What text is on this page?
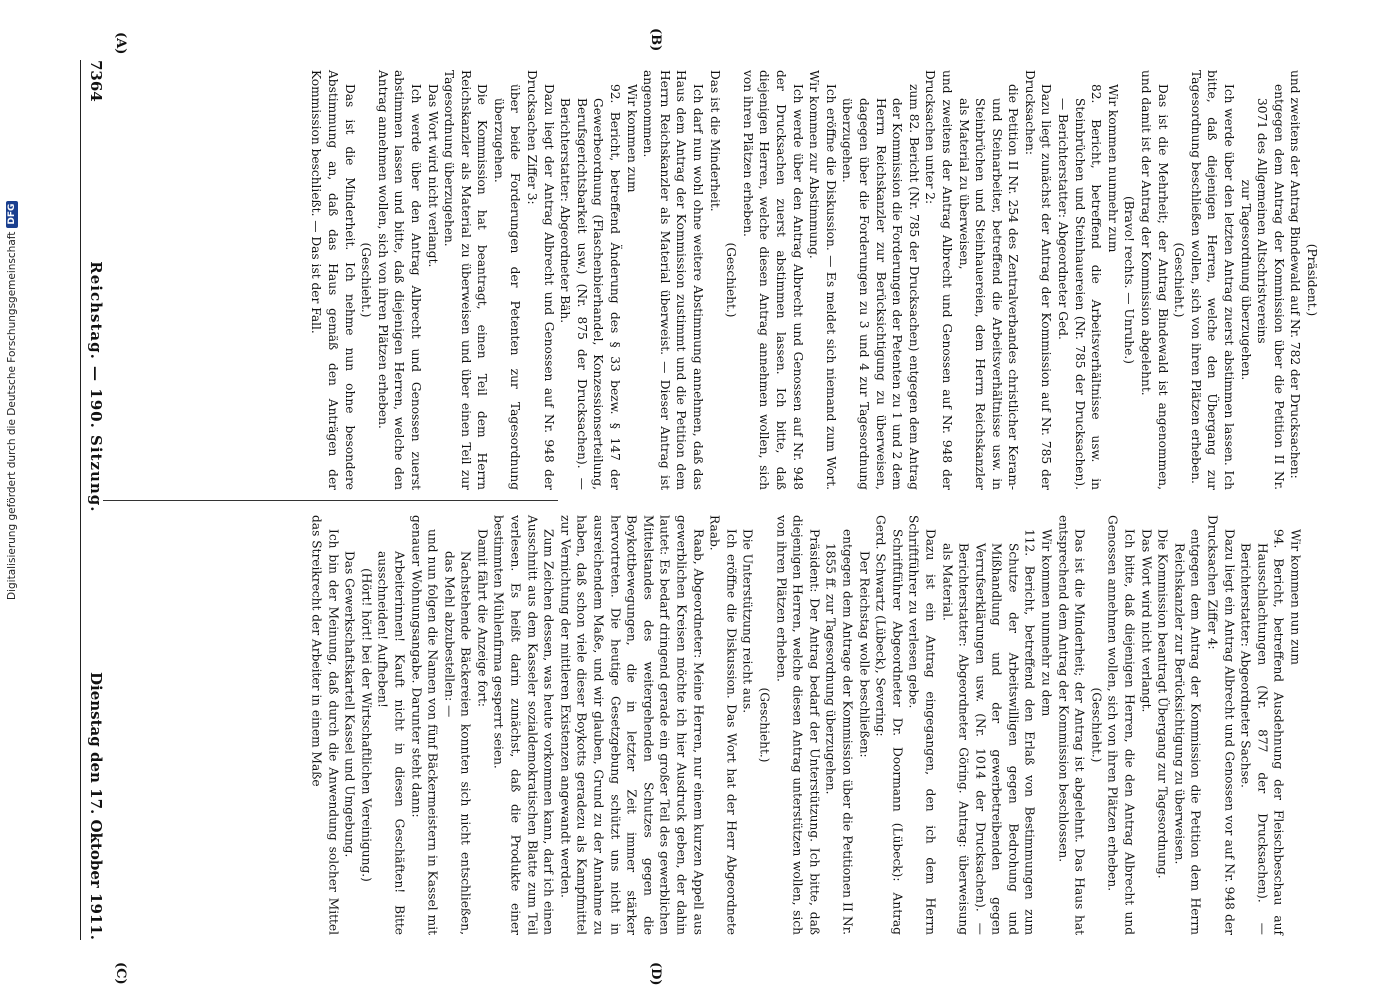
7364
Reichstag. — 190. Sitzung.
Dienstag den 17. Oktober 1911.
(A)	(B)
(C)	(D)

(Präsident.)

und zweitens der Antrag Bindewald auf Nr. 782 der Drucksachen:

entgegen dem Antrag der Kommission über die Petition II Nr. 3071 des Allgemeinen Altschristvereins

zur Tagesordnung überzugehen.

Ich werde über den letzten Antrag zuerst abstimmen lassen. Ich bitte, daß diejenigen Herren, welche den Übergang zur Tagesordnung beschließen wollen, sich von ihren Plätzen erheben.

(Geschieht.)

Das ist die Mehrheit; der Antrag Bindewald ist angenommen, und damit ist der Antrag der Kommission abgelehnt.

(Bravo! rechts. — Unruhe.)

Wir kommen nunmehr zum

82. Bericht, betreffend die Arbeitsverhältnisse usw. in Steinbrüchen und Steinhauereien (Nr. 785 der Drucksachen). — Berichterstatter: Abgeordneter Ged.

Dazu liegt zunächst der Antrag der Kommission auf Nr. 785 der Drucksachen:

die Petition II Nr. 254 des Zentralverbandes christlicher Keram- und Steinarbeiter, betreffend die Arbeitsverhältnisse usw. in Steinbrüchen und Steinhauereien, dem Herrn Reichskanzler als Material zu überweisen,

und zweitens der Antrag Albrecht und Genossen auf Nr. 948 der Drucksachen unter 2:

zum 82. Bericht (Nr. 785 der Drucksachen) entgegen dem Antrag der Kommission die Forderungen der Petenten zu 1 und 2 dem Herrn Reichskanzler zur Berücksichtigung zu überweisen, dagegen über die Forderungen zu 3 und 4 zur Tagesordnung überzugehen.

Ich eröffne die Diskussion. — Es meldet sich niemand zum Wort. Wir kommen zur Abstimmung.

Ich werde über den Antrag Albrecht und Genossen auf Nr. 948 der Drucksachen zuerst abstimmen lassen. Ich bitte, daß diejenigen Herren, welche diesen Antrag annehmen wollen, sich von ihren Plätzen erheben.

(Geschieht.)

Das ist die Minderheit.

Ich darf nun wohl ohne weitere Abstimmung annehmen, daß das Haus dem Antrag der Kommission zustimmt und die Petition dem Herrn Reichskanzler als Material überweist. — Dieser Antrag ist angenommen.

Wir kommen zum

92. Bericht, betreffend Änderung des § 33 bezw. § 147 der Gewerbeordnung (Flaschenbierhandel, Konzessionserteilung, Berufsgerichtsbarkeit usw.) (Nr. 875 der Drucksachen). — Berichterstatter: Abgeordneter Bäh.

Dazu liegt der Antrag Albrecht und Genossen auf Nr. 948 der Drucksachen Ziffer 3:

über beide Forderungen der Petenten zur Tagesordnung überzugehen.

Die Kommission hat beantragt, einen Teil dem Herrn Reichskanzler als Material zu überweisen und über einen Teil zur Tagesordnung überzugehen.

Das Wort wird nicht verlangt.

Ich werde über den Antrag Albrecht und Genossen zuerst abstimmen lassen und bitte, daß diejenigen Herren, welche den Antrag annehmen wollen, sich von ihren Plätzen erheben.

(Geschieht.)

Das ist die Minderheit. Ich nehme nun ohne besondere Abstimmung an, daß das Haus gemäß den Anträgen der Kommission beschließt. — Das ist der Fall.

Wir kommen nun zum

94. Bericht, betreffend Ausdehnung der Fleischbeschau auf Hausschlachtungen (Nr. 877 der Drucksachen). — Berichterstatter: Abgeordneter Sachse.

Dazu liegt ein Antrag Albrecht und Genossen vor auf Nr. 948 der Drucksachen Ziffer 4:

entgegen dem Antrag der Kommission die Petition dem Herrn Reichskanzler zur Berücksichtigung zu überweisen.

Die Kommission beantragt Übergang zur Tagesordnung.

Das Wort wird nicht verlangt.

Ich bitte, daß diejenigen Herren, die den Antrag Albrecht und Genossen annehmen wollen, sich von ihren Plätzen erheben.

(Geschieht.)

Das ist die Minderheit; der Antrag ist abgelehnt. Das Haus hat entsprechend dem Antrag der Kommission beschlossen.

Wir kommen nunmehr zu dem

112. Bericht, betreffend den Erlaß von Bestimmungen zum Schutze der Arbeitswilligen gegen Bedrohung und Mißhandlung und der gewerbetreibenden gegen Verrufserklärungen usw. (Nr. 1014 der Drucksachen). — Berichterstatter: Abgeordneter Göring. Antrag: überweisung als Material.

Dazu ist ein Antrag eingegangen, den ich dem Herrn Schriftführer zu verlesen gebe.

Schriftführer Abgeordneter Dr. Doormann (Lübeck): Antrag Gerd. Schwartz (Lübeck), Severing:

Der Reichstag wolle beschließen:

entgegen dem Antrage der Kommission über die Petitionen II Nr. 1855 ff. zur Tagesordnung überzugehen.

Präsident: Der Antrag bedarf der Unterstützung. Ich bitte, daß diejenigen Herren, welche diesen Antrag unterstützen wollen, sich von ihren Plätzen erheben.

(Geschieht.)

Die Unterstützung reicht aus.

Ich eröffne die Diskussion. Das Wort hat der Herr Abgeordnete Raab.

Raab, Abgeordneter: Meine Herren, nur einem kurzen Appell aus gewerblichen Kreisen möchte ich hier Ausdruck geben, der dahin lautet: Es bedarf dringend gerade ein großer Teil des gewerblichen Mittelstandes des weitergehenden Schutzes gegen die Boykottbewegungen, die in letzter Zeit immer stärker hervortreten. Die heutige Gesetzgebung schützt uns nicht in ausreichendem Maße, und wir glauben, Grund zu der Annahme zu haben, daß schon viele dieser Boykotts geradezu als Kampfmittel zur Vernichtung der mittleren Existenzen angewandt werden.

Zum Zeichen dessen, was heute vorkommen kann, darf ich einen Ausschnitt aus dem Kasseler sozialdemokratischen Blatte zum Teil verlesen. Es heißt darin zunächst, daß die Produkte einer bestimmten Mühlenfirma gesperrt seien.

Damit fährt die Anzeige fort:

Nachstehende Bäckereien konnten sich nicht entschließen, das Mehl abzubestellen: —

und nun folgen die Namen von fünf Bäckermeistern in Kassel mit genauer Wohnungsangabe. Darunter steht dann:

Arbeiterinnen! Kauft nicht in diesen Geschäften! Bitte ausschneiden! Aufheben!

(Hört! hört! bei der Wirtschaftlichen Vereinigung.)

Das Gewerkschaftskartell Kassel und Umgebung.

Ich bin der Meinung, daß durch die Anwendung solcher Mittel das Streikrecht der Arbeiter in einem Maße

Digitalisierung gefördert durch die Deutsche Forschungsgemeinschaft
DFG
